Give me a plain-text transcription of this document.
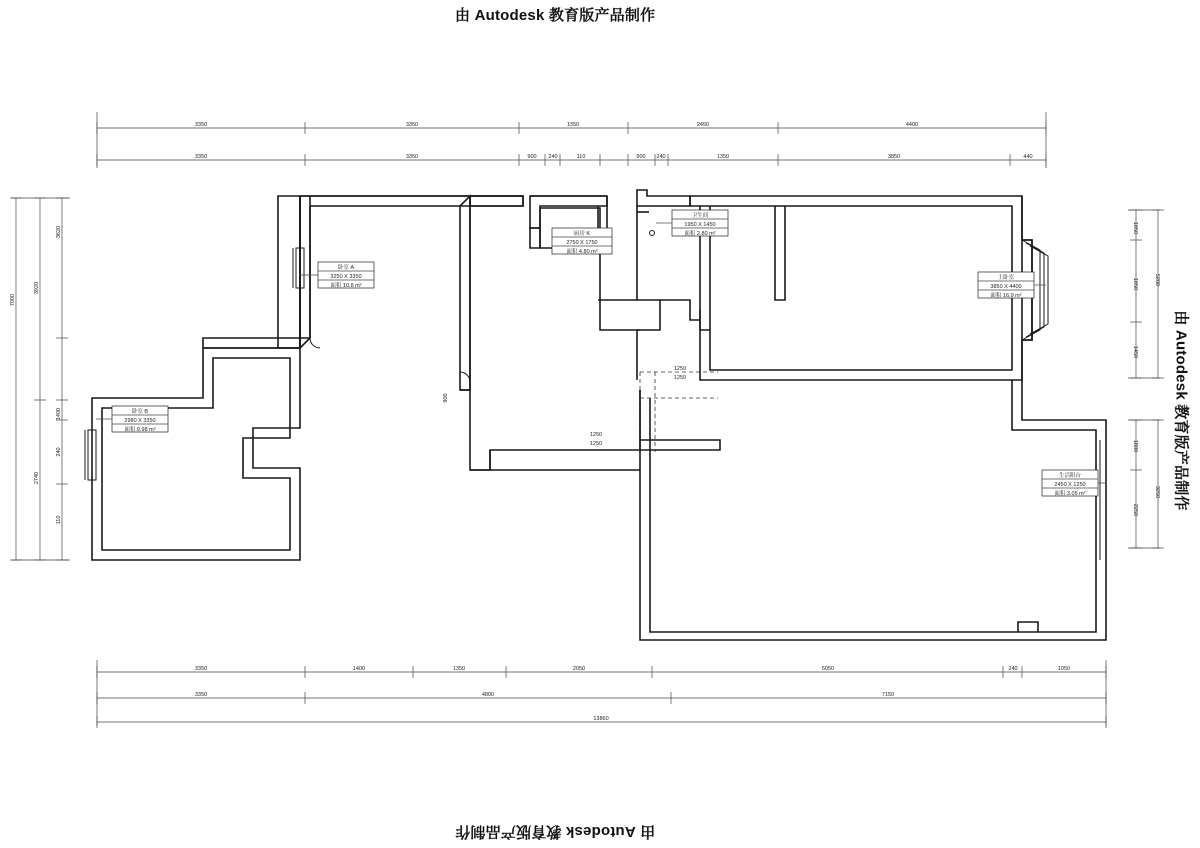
由 Autodesk 教育版产品制作
由 Autodesk 教育版产品制作
由 Autodesk 教育版产品制作
3350	3350	1350	2450	4400
3350	3350	900 240	110	900 240	1350	3850	440
3620
1400
240
110
3920
2740
7000
1850
1850
1450
5200
1800
2250
3250
3350	1400	1350	2050	5050	240	1050
3350	4800	7150
13860
卧室 A
3250 X 3350
面积 10.8 m²
卧室 B
2980 X 3350
面积 9.98 m²
厨房 K
2750 X 1750
面积 4.80 m²
卫生间
1950 X 1450
面积 2.80 m²
主卧室
3850 X 4400
面积 16.9 m²
生活阳台
2450 X 1250
面积 3.05 m²
1250
1250
1250
1250
900
